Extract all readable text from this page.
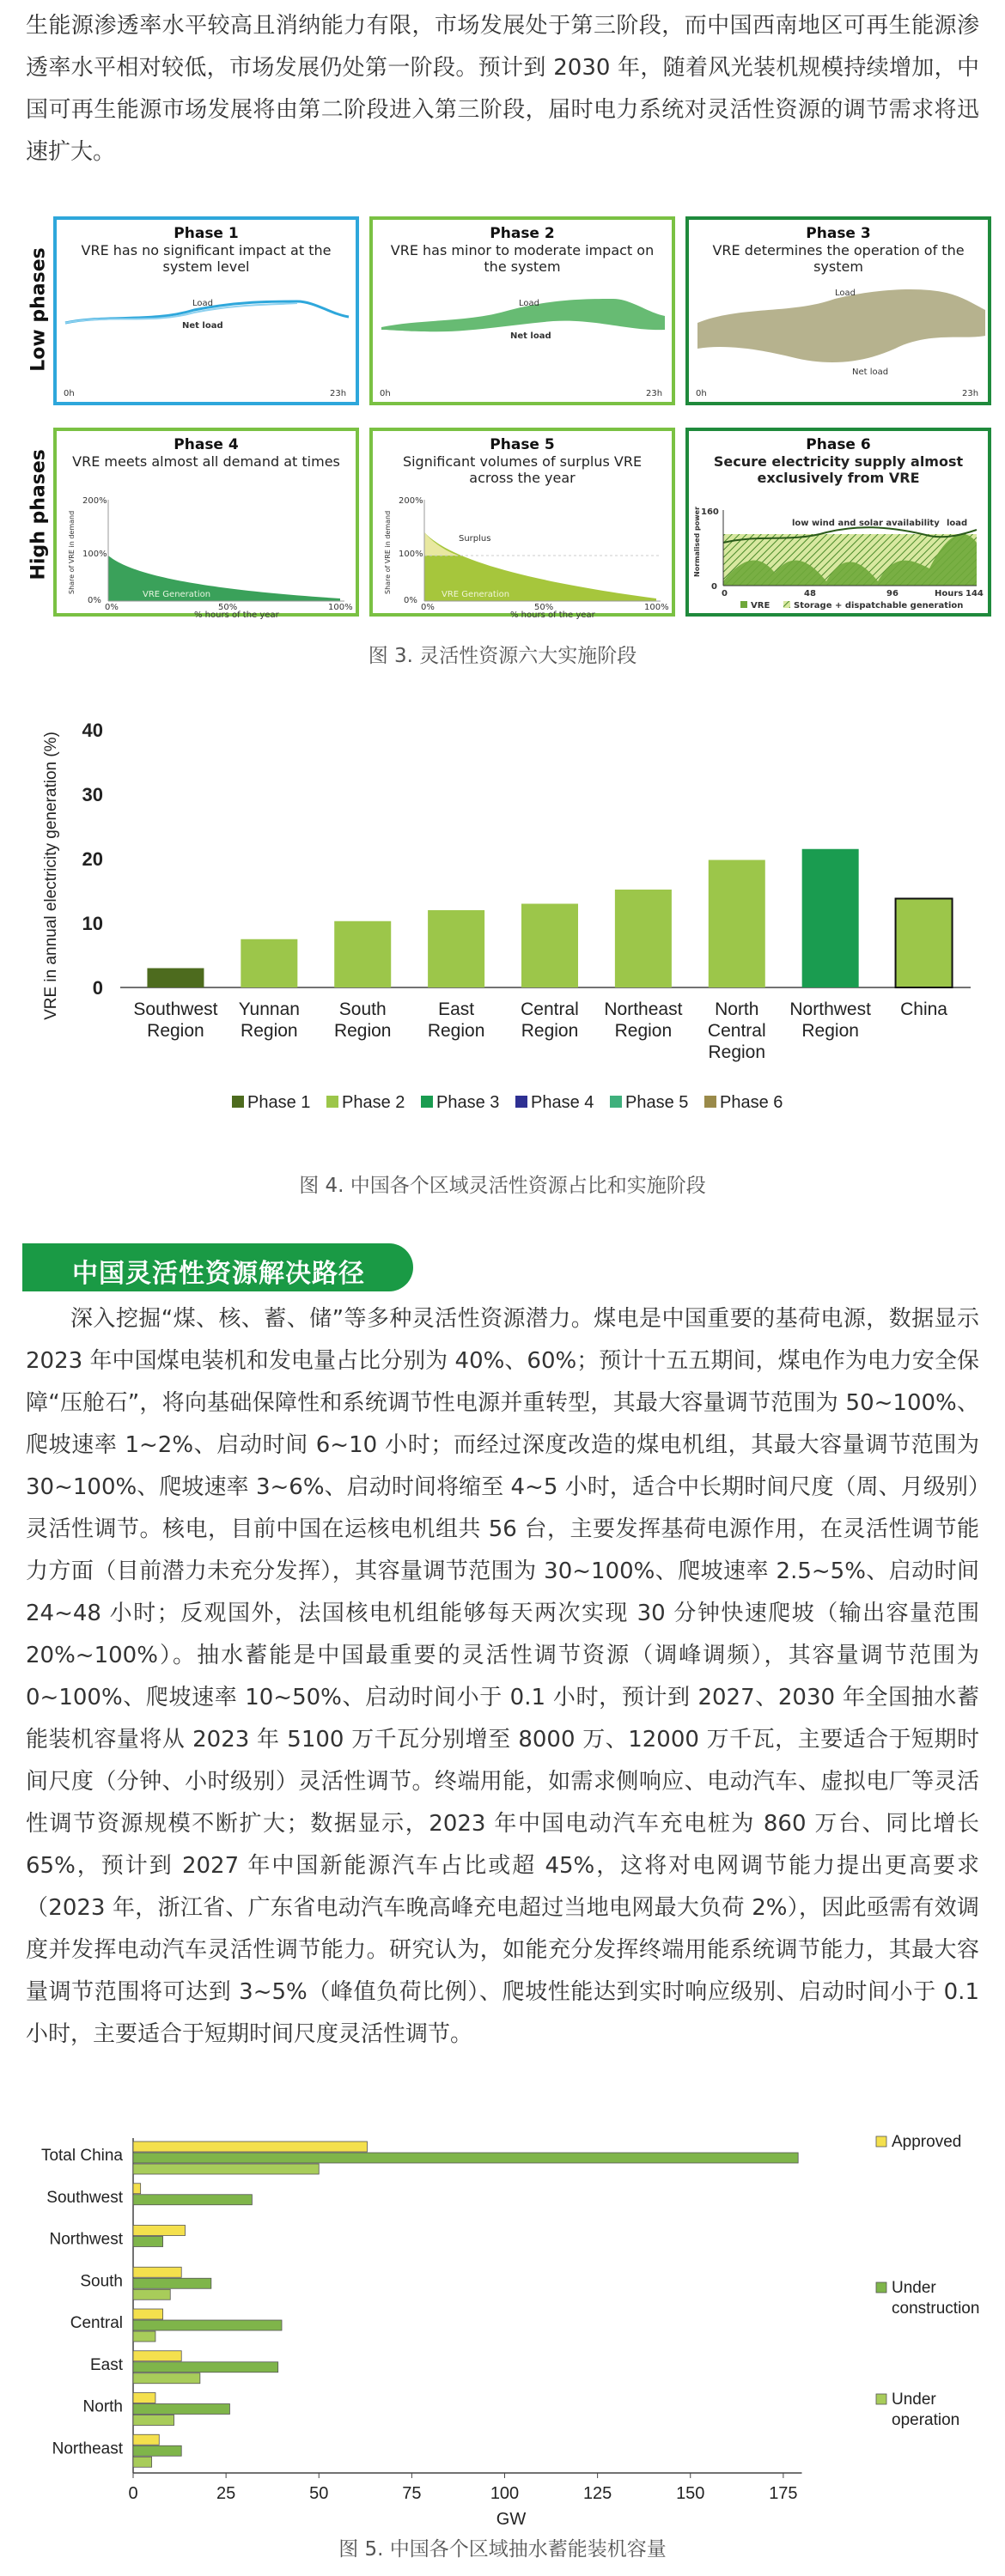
生能源渗透率水平较高且消纳能力有限，市场发展处于第三阶段，而中国西南地区可再生能源渗透率水平相对较低，市场发展仍处第一阶段。预计到 2030 年，随着风光装机规模持续增加，中国可再生能源市场发展将由第二阶段进入第三阶段，届时电力系统对灵活性资源的调节需求将迅速扩大。

Low phases
High phases
Load
Net load
0h	23h
Phase 1
VRE has no significant impact at the system level
Load
Net load
0h	23h
Phase 2
VRE has minor to moderate impact on the system
Load
Net load
0h	23h
Phase 3
VRE determines the operation of the system
200%
100%
0%
VRE Generation
0%	50%	100%
% hours of the year
Share of VRE in demand
Phase 4
VRE meets almost all demand at times
200%
100%
0%
Surplus
VRE Generation
0%	50%	100%
% hours of the year
Share of VRE in demand
Phase 5
Significant volumes of surplus VRE across the year
160
0
Normalised power	low wind and solar availability load
0	48	96	144
Hours
VRE	Storage + dispatchable generation
Phase 6
Secure electricity supply almost exclusively from VRE

图 3. 灵活性资源六大实施阶段

0
10
20
30
40
VRE in annual electricity generation (%)	Southwest
Region
Yunnan
Region
South
Region
East
Region
Central
Region
Northeast
Region
North
Central
Region
Northwest
Region
China
Phase 1 Phase 2 Phase 3 Phase 4 Phase 5 Phase 6

图 4. 中国各个区域灵活性资源占比和实施阶段

中国灵活性资源解决路径

深入挖掘“煤、核、蓄、储”等多种灵活性资源潜力。煤电是中国重要的基荷电源，数据显示 2023 年中国煤电装机和发电量占比分别为 40%、60%；预计十五五期间，煤电作为电力安全保障“压舱石”，将向基础保障性和系统调节性电源并重转型，其最大容量调节范围为 50~100%、爬坡速率 1~2%、启动时间 6~10 小时；而经过深度改造的煤电机组，其最大容量调节范围为 30~100%、爬坡速率 3~6%、启动时间将缩至 4~5 小时，适合中长期时间尺度（周、月级别）灵活性调节。核电，目前中国在运核电机组共 56 台，主要发挥基荷电源作用，在灵活性调节能力方面（目前潜力未充分发挥），其容量调节范围为 30~100%、爬坡速率 2.5~5%、启动时间 24~48 小时；反观国外，法国核电机组能够每天两次实现 30 分钟快速爬坡（输出容量范围 20%~100%）。抽水蓄能是中国最重要的灵活性调节资源（调峰调频），其容量调节范围为 0~100%、爬坡速率 10~50%、启动时间小于 0.1 小时，预计到 2027、2030 年全国抽水蓄能装机容量将从 2023 年 5100 万千瓦分别增至 8000 万、12000 万千瓦，主要适合于短期时间尺度（分钟、小时级别）灵活性调节。终端用能，如需求侧响应、电动汽车、虚拟电厂等灵活性调节资源规模不断扩大；数据显示，2023 年中国电动汽车充电桩为 860 万台、同比增长 65%，预计到 2027 年中国新能源汽车占比或超 45%，这将对电网调节能力提出更高要求（2023 年，浙江省、广东省电动汽车晚高峰充电超过当地电网最大负荷 2%），因此亟需有效调度并发挥电动汽车灵活性调节能力。研究认为，如能充分发挥终端用能系统调节能力，其最大容量调节范围将可达到 3~5%（峰值负荷比例）、爬坡性能达到实时响应级别、启动时间小于 0.1 小时，主要适合于短期时间尺度灵活性调节。

0	25	50	75	100	125	150	175
GW
Total China
Southwest
Northwest
South
Central
East
North
Northeast
Approved
Under
construction
Under
operation

图 5. 中国各个区域抽水蓄能装机容量
